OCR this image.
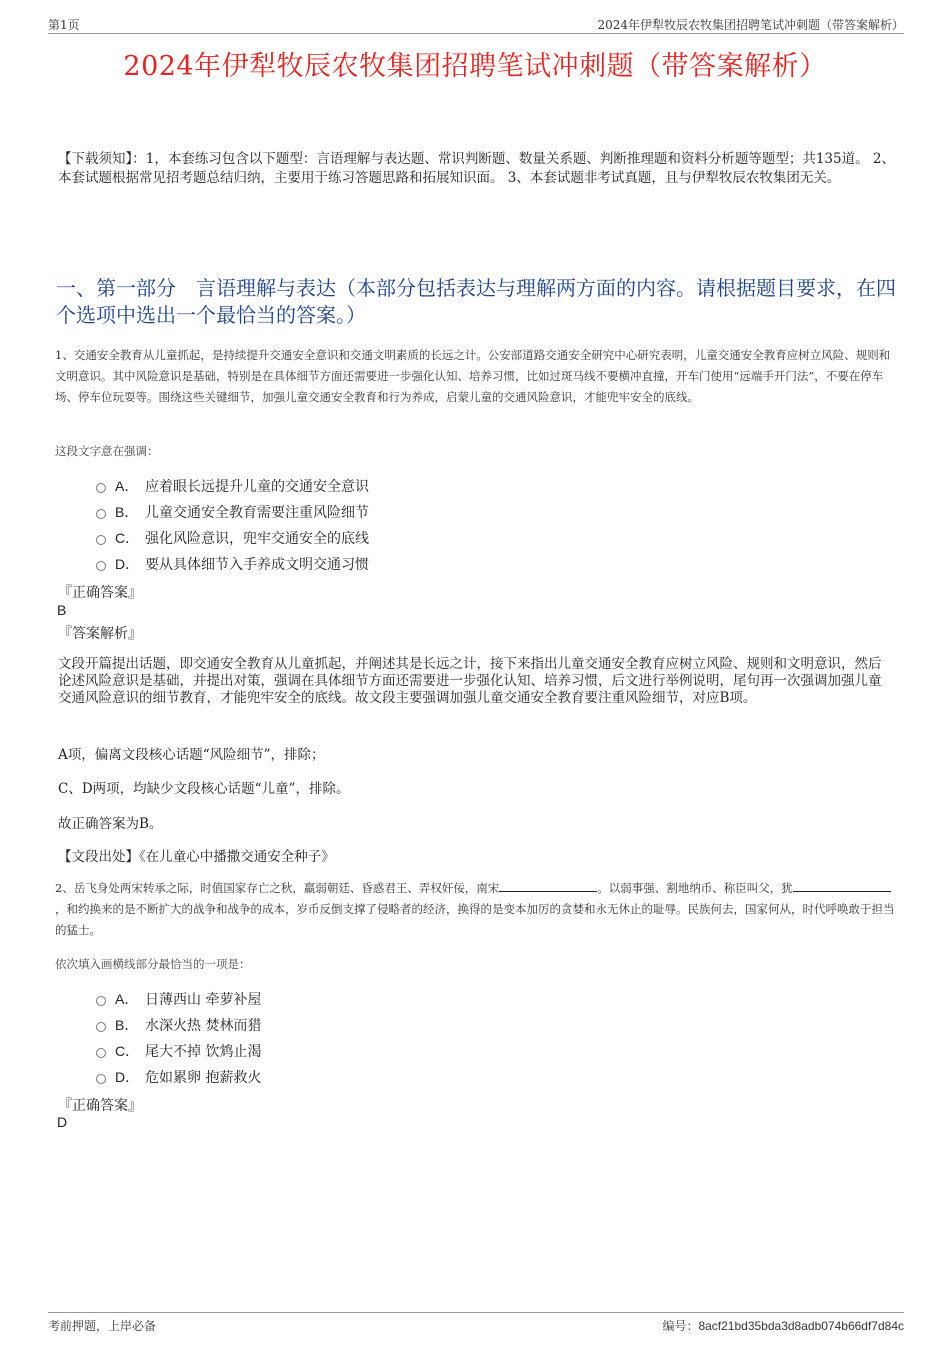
第1页	2024年伊犁牧辰农牧集团招聘笔试冲刺题（带答案解析）
2024年伊犁牧辰农牧集团招聘笔试冲刺题（带答案解析）
【下载须知】：1，本套练习包含以下题型：言语理解与表达题、常识判断题、数量关系题、判断推理题和资料分析题等题型；共135道。 2、本套试题根据常见招考题总结归纳，主要用于练习答题思路和拓展知识面。 3、本套试题非考试真题，且与伊犁牧辰农牧集团无关。
一、第一部分　言语理解与表达（本部分包括表达与理解两方面的内容。请根据题目要求，在四个选项中选出一个最恰当的答案。）
1、交通安全教育从儿童抓起，是持续提升交通安全意识和交通文明素质的长远之计。公安部道路交通安全研究中心研究表明，儿童交通安全教育应树立风险、规则和文明意识。其中风险意识是基础，特别是在具体细节方面还需要进一步强化认知、培养习惯，比如过斑马线不要横冲直撞，开车门使用“远端手开门法”，不要在停车场、停车位玩耍等。围绕这些关键细节，加强儿童交通安全教育和行为养成，启蒙儿童的交通风险意识，才能兜牢安全的底线。
这段文字意在强调：
A． 应着眼长远提升儿童的交通安全意识
B． 儿童交通安全教育需要注重风险细节
C． 强化风险意识，兜牢交通安全的底线
D． 要从具体细节入手养成文明交通习惯
『正确答案』
B
『答案解析』
文段开篇提出话题，即交通安全教育从儿童抓起，并阐述其是长远之计，接下来指出儿童交通安全教育应树立风险、规则和文明意识，然后论述风险意识是基础，并提出对策，强调在具体细节方面还需要进一步强化认知、培养习惯，后文进行举例说明，尾句再一次强调加强儿童交通风险意识的细节教育，才能兜牢安全的底线。故文段主要强调加强儿童交通安全教育要注重风险细节，对应B项。
A项，偏离文段核心话题“风险细节”，排除；
C、D两项，均缺少文段核心话题“儿童”，排除。
故正确答案为B。
【文段出处】《在儿童心中播撒交通安全种子》
2、岳飞身处两宋转承之际，时值国家存亡之秋，羸弱朝廷、昏惑君王、弄权奸佞，南宋	。以弱事强、割地纳币、称臣叫父，犹，和约换来的是不断扩大的战争和战争的成本，岁币反倒支撑了侵略者的经济，换得的是变本加厉的贪婪和永无休止的耻辱。民族何去，国家何从，时代呼唤敢于担当的猛士。
依次填入画横线部分最恰当的一项是：
A． 日薄西山 牵萝补屋
B． 水深火热 焚林而猎
C． 尾大不掉 饮鸩止渴
D． 危如累卵 抱薪救火
『正确答案』
D
考前押题，上岸必备	编号：8acf21bd35bda3d8adb074b66df7d84c
